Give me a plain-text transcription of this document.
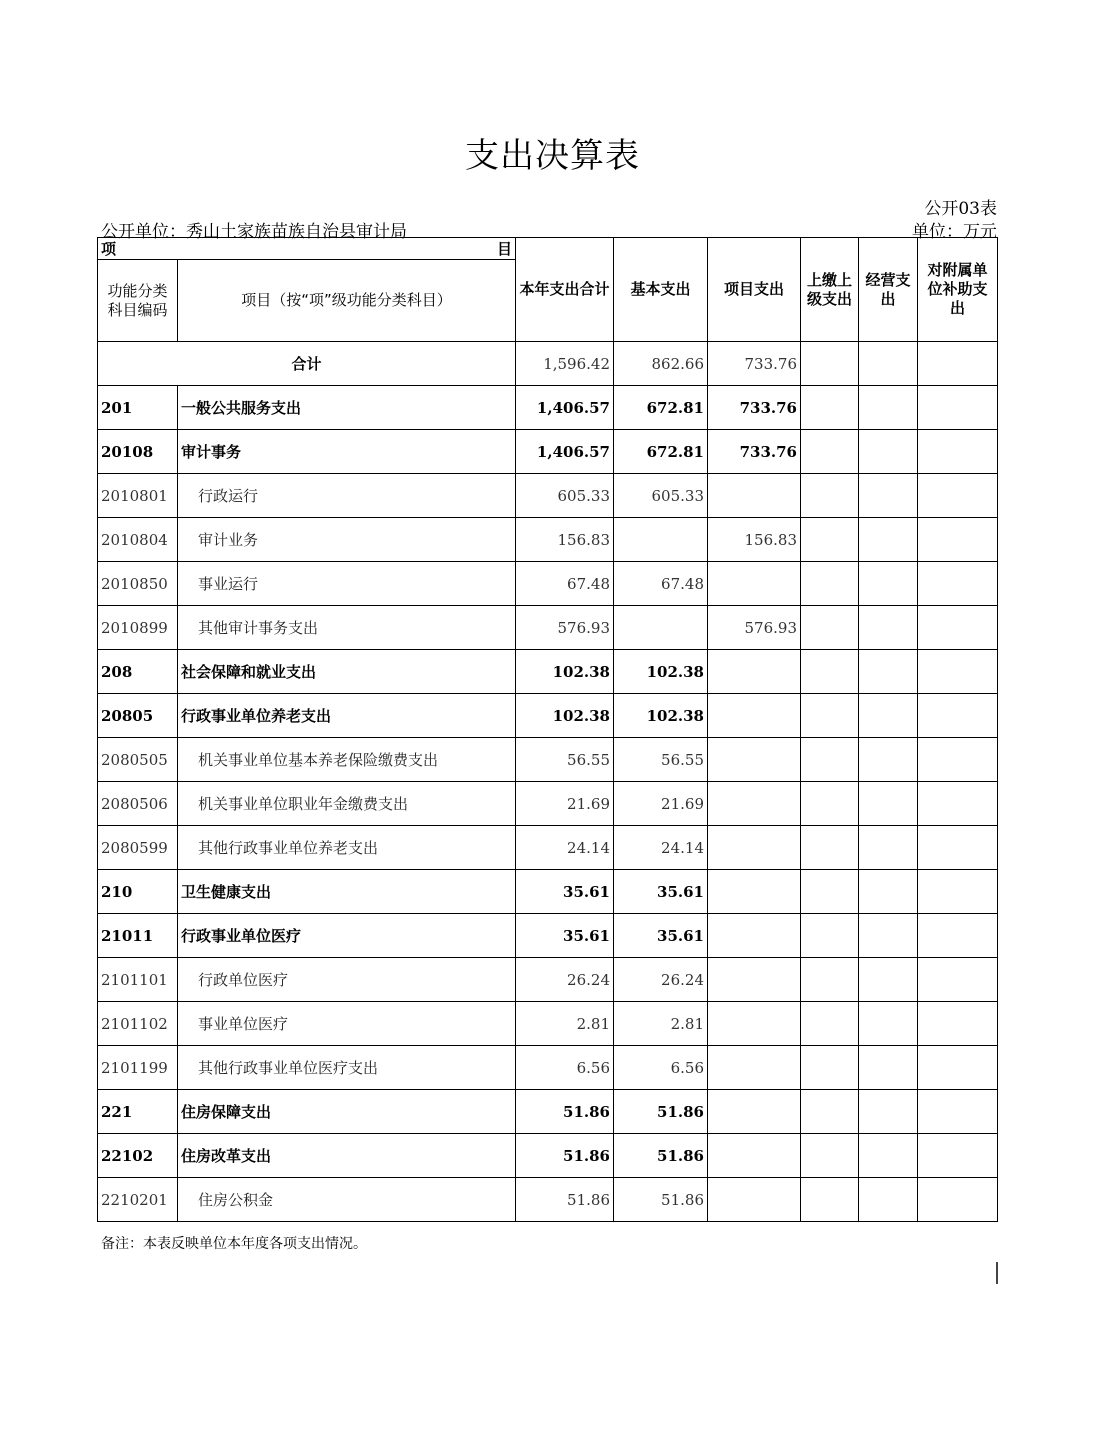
支出决算表
公开03表
公开单位：秀山土家族苗族自治县审计局	单位：万元
项 目		本年支出合计	基本支出	项目支出	上缴上级支出	经营支出	对附属单位补助支出
功能分类科目编码	项目（按“项”级功能分类科目）						
合计		1,596.42	862.66	733.76			
201	一般公共服务支出	1,406.57	672.81	733.76			
20108	审计事务	1,406.57	672.81	733.76			
2010801	行政运行	605.33	605.33				
2010804	审计业务	156.83		156.83			
2010850	事业运行	67.48	67.48				
2010899	其他审计事务支出	576.93		576.93			
208	社会保障和就业支出	102.38	102.38				
20805	行政事业单位养老支出	102.38	102.38				
2080505	机关事业单位基本养老保险缴费支出	56.55	56.55				
2080506	机关事业单位职业年金缴费支出	21.69	21.69				
2080599	其他行政事业单位养老支出	24.14	24.14				
210	卫生健康支出	35.61	35.61				
21011	行政事业单位医疗	35.61	35.61				
2101101	行政单位医疗	26.24	26.24				
2101102	事业单位医疗	2.81	2.81				
2101199	其他行政事业单位医疗支出	6.56	6.56				
221	住房保障支出	51.86	51.86				
22102	住房改革支出	51.86	51.86				
2210201	住房公积金	51.86	51.86				
备注：本表反映单位本年度各项支出情况。
